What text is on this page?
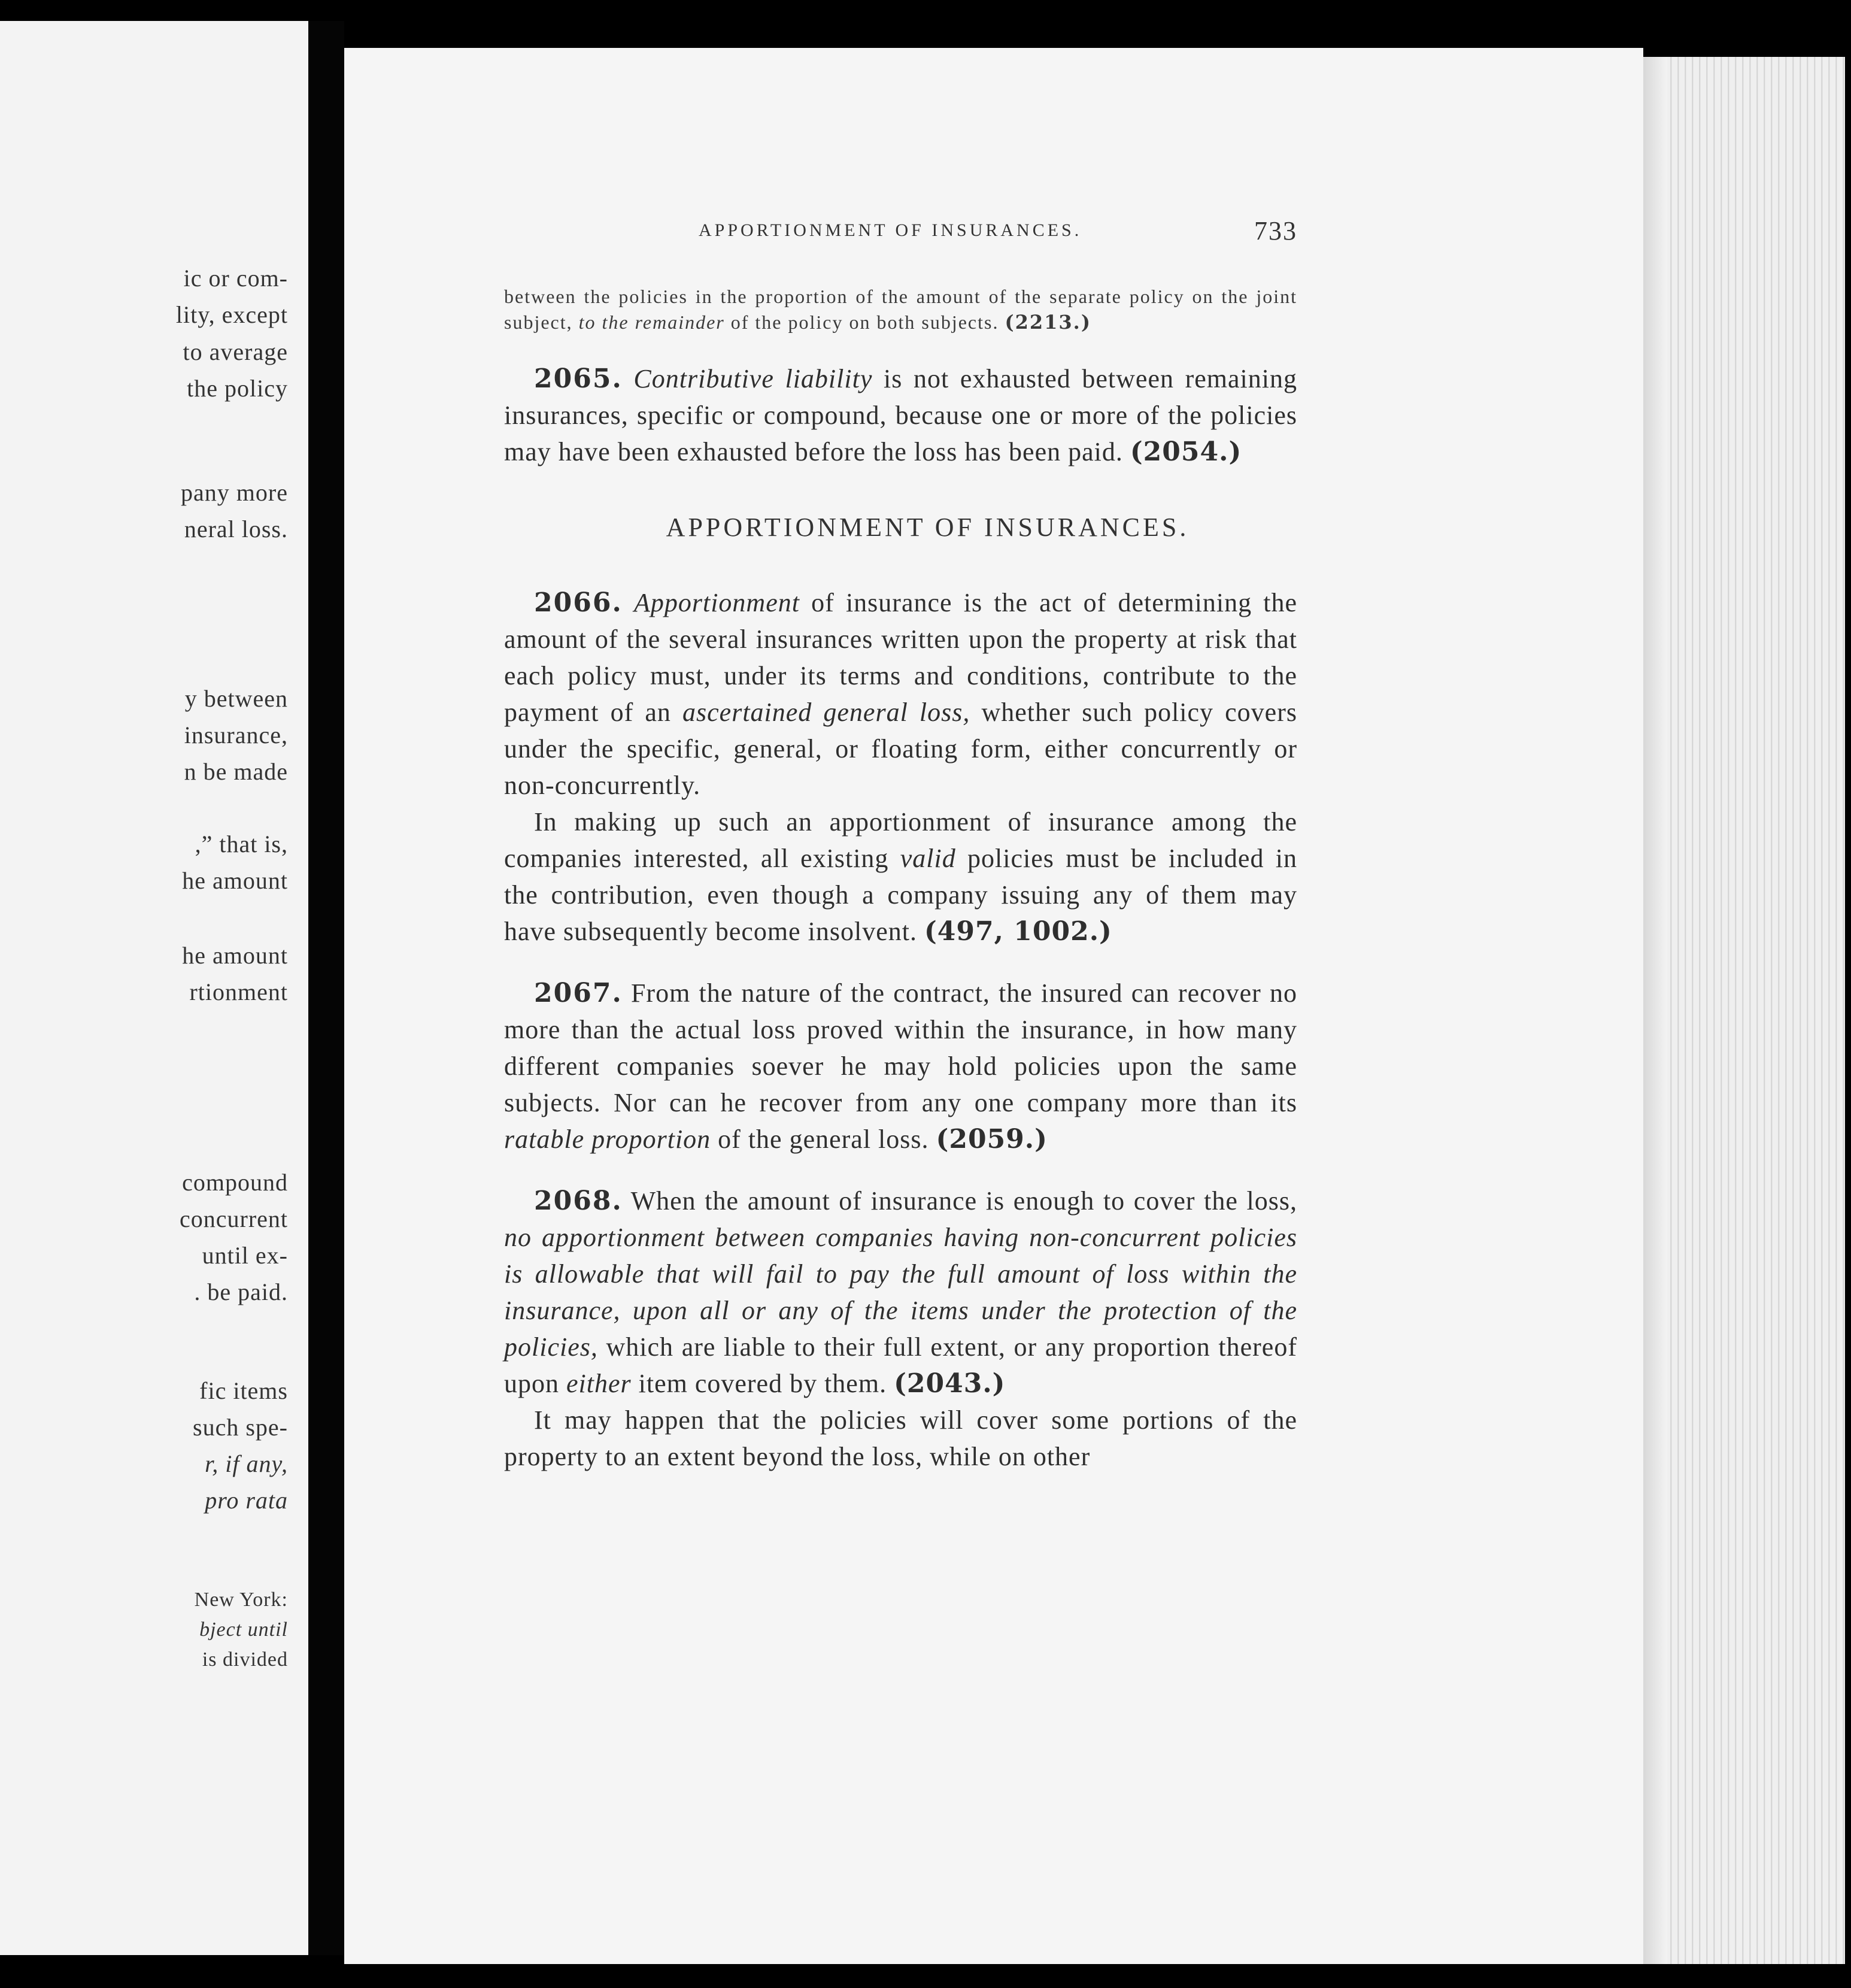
ic or com-
lity, except
to average
the policy
pany more
neral loss.
y between
insurance,
n be made
,” that is,
he amount
he amount
rtionment
compound
concurrent
until ex-
. be paid.
fic items
such spe-
r, if any,
pro rata
New York:
bject until
is divided
APPORTIONMENT OF INSURANCES.	733

between the policies in the proportion of the amount of the separate policy on the joint subject, to the remainder of the policy on both subjects. (2213.)

2065. Contributive liability is not exhausted between remaining insurances, specific or compound, because one or more of the policies may have been exhausted before the loss has been paid. (2054.)

APPORTIONMENT OF INSURANCES.

2066. Apportionment of insurance is the act of determining the amount of the several insurances written upon the property at risk that each policy must, under its terms and conditions, contribute to the payment of an ascertained general loss, whether such policy covers under the specific, general, or floating form, either concurrently or non-concurrently.

In making up such an apportionment of insurance among the companies interested, all existing valid policies must be included in the contribution, even though a company issuing any of them may have subsequently become insolvent. (497, 1002.)

2067. From the nature of the contract, the insured can recover no more than the actual loss proved within the insurance, in how many different companies soever he may hold policies upon the same subjects. Nor can he recover from any one company more than its ratable proportion of the general loss. (2059.)

2068. When the amount of insurance is enough to cover the loss, no apportionment between companies having non-concurrent policies is allowable that will fail to pay the full amount of loss within the insurance, upon all or any of the items under the protection of the policies, which are liable to their full extent, or any proportion thereof upon either item covered by them. (2043.)

It may happen that the policies will cover some portions of the property to an extent beyond the loss, while on other
